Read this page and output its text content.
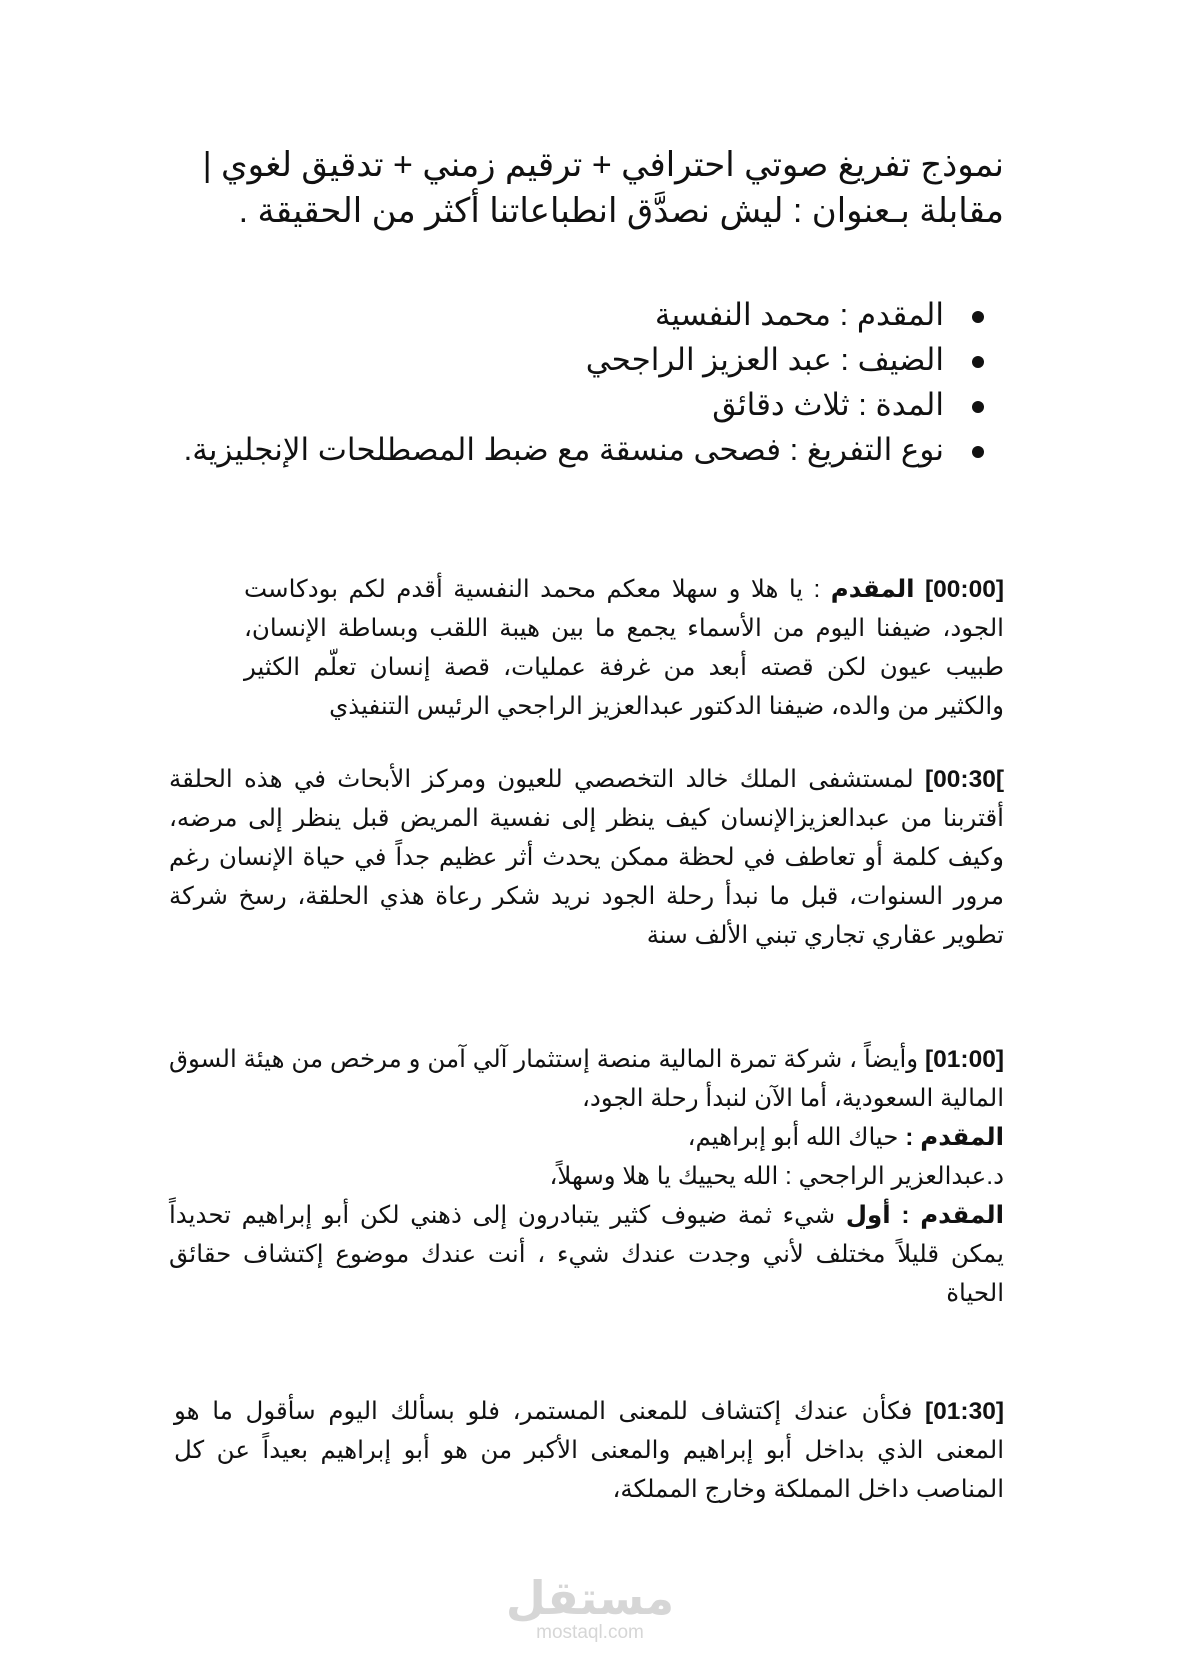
نموذج تفريغ صوتي احترافي + ترقيم زمني + تدقيق لغوي |
مقابلة بـعنوان : ليش نصدَّق انطباعاتنا أكثر من الحقيقة .
المقدم : محمد النفسية
الضيف : عبد العزيز الراجحي
المدة : ثلاث دقائق
نوع التفريغ : فصحى منسقة مع ضبط المصطلحات الإنجليزية.
[00:00] المقدم : يا هلا و سهلا معكم محمد النفسية أقدم لكم بودكاست الجود، ضيفنا اليوم من الأسماء يجمع ما بين هيبة اللقب وبساطة الإنسان، طبيب عيون لكن قصته أبعد من غرفة عمليات، قصة إنسان تعلّم الكثير والكثير من والده، ضيفنا الدكتور عبدالعزيز الراجحي الرئيس التنفيذي
]00:30] لمستشفى الملك خالد التخصصي للعيون ومركز الأبحاث في هذه الحلقة أقتربنا من عبدالعزيزالإنسان كيف ينظر إلى نفسية المريض قبل ينظر إلى مرضه، وكيف كلمة أو تعاطف في لحظة ممكن يحدث أثر عظيم جداً في حياة الإنسان رغم مرور السنوات، قبل ما نبدأ رحلة الجود نريد شكر رعاة هذي الحلقة، رسخ شركة تطوير عقاري تجاري تبني الألف سنة
[01:00] وأيضاً ، شركة تمرة المالية منصة إستثمار آلي آمن و مرخص من هيئة السوق المالية السعودية، أما الآن لنبدأ رحلة الجود،
المقدم : حياك الله أبو إبراهيم،
د.عبدالعزير الراجحي : الله يحييك يا هلا وسهلاً،
المقدم : أول شيء ثمة ضيوف كثير يتبادرون إلى ذهني لكن أبو إبراهيم تحديداً يمكن قليلاً مختلف لأني وجدت عندك شيء ، أنت عندك موضوع إكتشاف حقائق الحياة
[01:30] فكأن عندك إكتشاف للمعنى المستمر، فلو بسألك اليوم سأقول ما هو المعنى الذي بداخل أبو إبراهيم والمعنى الأكبر من هو أبو إبراهيم بعيداً عن كل المناصب داخل المملكة وخارج المملكة،
مستقل
mostaql.com
